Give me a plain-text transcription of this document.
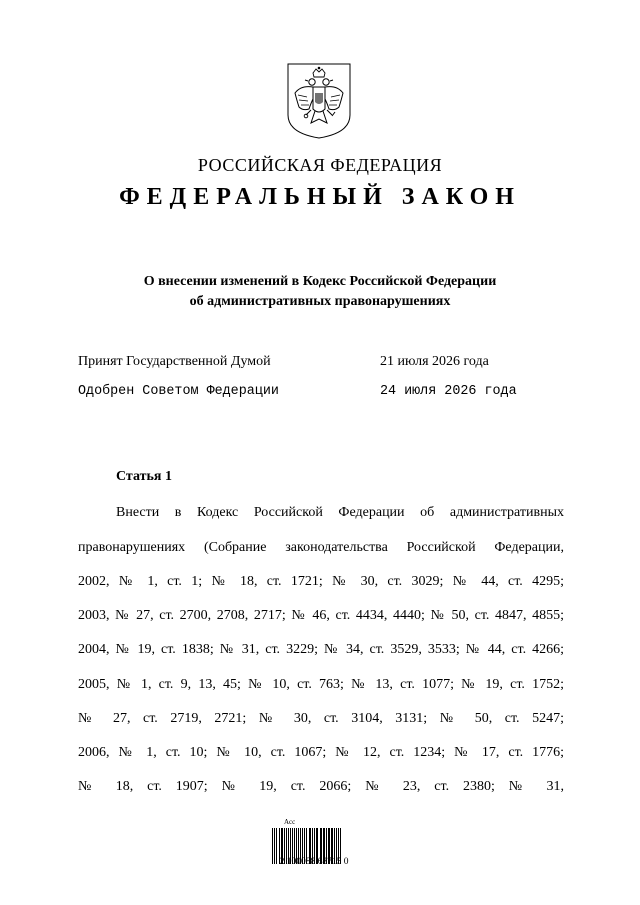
РОССИЙСКАЯ ФЕДЕРАЦИЯ
ФЕДЕРАЛЬНЫЙ ЗАКОН
О внесении изменений в Кодекс Российской Федерации
об административных правонарушениях
Принят Государственной Думой	21 июля 2026 года
Одобрен Советом Федерации	24 июля 2026 года
Статья 1
Внести в Кодекс Российской Федерации об административных
правонарушениях (Собрание законодательства Российской Федерации,
2002, № 1, ст. 1; № 18, ст. 1721; № 30, ст. 3029; № 44, ст. 4295;
2003, № 27, ст. 2700, 2708, 2717; № 46, ст. 4434, 4440; № 50, ст. 4847, 4855;
2004, № 19, ст. 1838; № 31, ст. 3229; № 34, ст. 3529, 3533; № 44, ст. 4266;
2005, № 1, ст. 9, 13, 45; № 10, ст. 763; № 13, ст. 1077; № 19, ст. 1752;
№ 27, ст. 2719, 2721; № 30, ст. 3104, 3131; № 50, ст. 5247;
2006, № 1, ст. 10; № 10, ст. 1067; № 12, ст. 1234; № 17, ст. 1776;
№ 18, ст. 1907; № 19, ст. 2066; № 23, ст. 2380; № 31,
Acc
2 100088 68715 0
